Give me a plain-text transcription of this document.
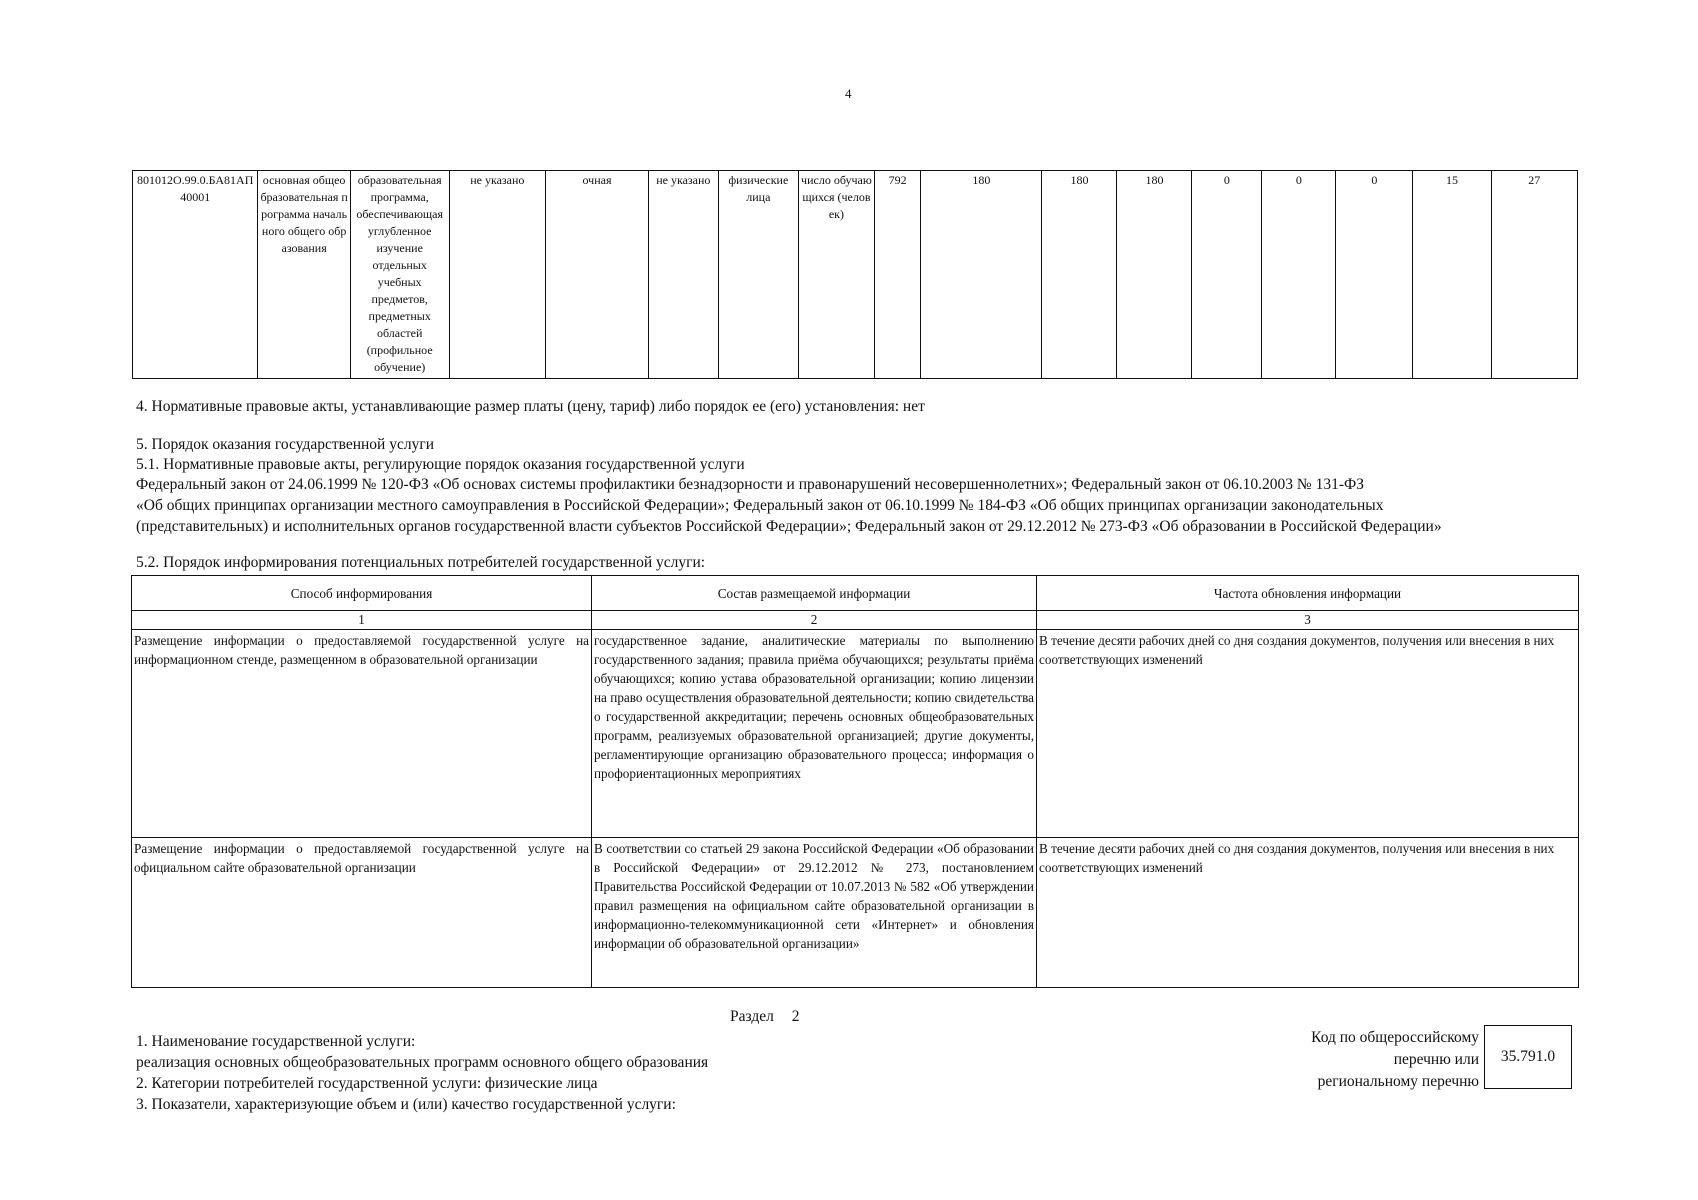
4
801012О.99.0.БА81АП40001	основная общеобразовательная программа начального общего образования	образовательная программа, обеспечивающая углубленное изучение отдельных учебных предметов, предметных областей (профильное обучение)	не указано	очная	не указано	физические лица	число обучающихся (человек)	792	180	180	180	0	0	0	15	27
4. Нормативные правовые акты, устанавливающие размер платы (цену, тариф) либо порядок ее (его) установления: нет
5. Порядок оказания государственной услуги
5.1. Нормативные правовые акты, регулирующие порядок оказания государственной услуги
Федеральный закон от 24.06.1999 № 120-ФЗ «Об основах системы профилактики безнадзорности и правонарушений несовершеннолетних»; Федеральный закон от 06.10.2003 № 131-ФЗ
«Об общих принципах организации местного самоуправления в Российской Федерации»; Федеральный закон от 06.10.1999 № 184-ФЗ «Об общих принципах организации законодательных
(представительных) и исполнительных органов государственной власти субъектов Российской Федерации»; Федеральный закон от 29.12.2012 № 273-ФЗ «Об образовании в Российской Федерации»
5.2. Порядок информирования потенциальных потребителей государственной услуги:
Способ информирования	Состав размещаемой информации	Частота обновления информации
1	2	3
Размещение информации о предоставляемой государственной услуге на информационном стенде, размещенном в образовательной организации	государственное задание, аналитические материалы по выполнению государственного задания; правила приёма обучающихся; результаты приёма обучающихся; копию устава образовательной организации; копию лицензии на право осуществления образовательной деятельности; копию свидетельства о государственной аккредитации; перечень основных общеобразовательных программ, реализуемых образовательной организацией; другие документы, регламентирующие организацию образовательного процесса; информация о профориентационных мероприятиях	В течение десяти рабочих дней со дня создания документов, получения или внесения в них соответствующих изменений
Размещение информации о предоставляемой государственной услуге на официальном сайте образовательной организации	В соответствии со статьей 29 закона Российской Федерации «Об образовании в Российской Федерации» от 29.12.2012 № 273, постановлением Правительства Российской Федерации от 10.07.2013 № 582 «Об утверждении правил размещения на официальном сайте образовательной организации в информационно-телекоммуникационной сети «Интернет» и обновления информации об образовательной организации»	В течение десяти рабочих дней со дня создания документов, получения или внесения в них соответствующих изменений
Раздел 2
1. Наименование государственной услуги:
реализация основных общеобразовательных программ основного общего образования
2. Категории потребителей государственной услуги: физические лица
3. Показатели, характеризующие объем и (или) качество государственной услуги:
Код по общероссийскому
перечню или
региональному перечню
35.791.0
